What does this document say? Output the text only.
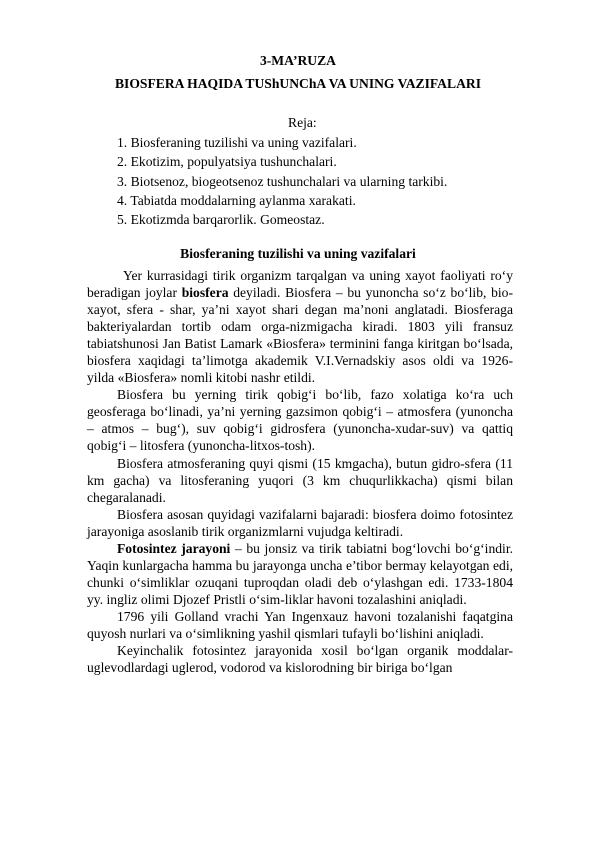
3-MA’RUZA
BIOSFERA HAQIDA TUShUNChA VA UNING VAZIFALARI
Reja:
1. Biosferaning tuzilishi va uning vazifalari.
2. Ekotizim, populyatsiya tushunchalari.
3. Biotsenoz, biogeotsenoz tushunchalari va ularning tarkibi.
4. Tabiatda moddalarning aylanma xarakati.
5. Ekotizmda barqarorlik. Gomeostaz.
Biosferaning tuzilishi va uning vazifalari

Yer kurrasidagi tirik organizm tarqalgan va uning xayot faoliyati ro‘y beradigan joylar biosfera deyiladi. Biosfera – bu yunoncha so‘z bo‘lib, bio-xayot, sfera - shar, ya’ni xayot shari degan ma’noni anglatadi. Biosferaga bakteriyalardan tortib odam orga-nizmigacha kiradi. 1803 yili fransuz tabiatshunosi Jan Batist Lamark «Biosfera» terminini fanga kiritgan bo‘lsada, biosfera xaqidagi ta’limotga akademik V.I.Vernadskiy asos oldi va 1926- yilda «Biosfera» nomli kitobi nashr etildi.

Biosfera bu yerning tirik qobig‘i bo‘lib, fazo xolatiga ko‘ra uch geosferaga bo‘linadi, ya’ni yerning gazsimon qobig‘i – atmosfera (yunoncha – atmos – bug‘), suv qobig‘i gidrosfera (yunoncha-xudar-suv) va qattiq qobig‘i – litosfera (yunoncha-litxos-tosh).

Biosfera atmosferaning quyi qismi (15 kmgacha), butun gidro-sfera (11 km gacha) va litosferaning yuqori (3 km chuqurlikkacha) qismi bilan chegaralanadi.

Biosfera asosan quyidagi vazifalarni bajaradi: biosfera doimo fotosintez jarayoniga asoslanib tirik organizmlarni vujudga keltiradi.

Fotosintez jarayoni – bu jonsiz va tirik tabiatni bog‘lovchi bo‘g‘indir. Yaqin kunlargacha hamma bu jarayonga uncha e’tibor bermay kelayotgan edi, chunki o‘simliklar ozuqani tuproqdan oladi deb o‘ylashgan edi. 1733-1804 yy. ingliz olimi Djozef Pristli o‘sim-liklar havoni tozalashini aniqladi.

1796 yili Golland vrachi Yan Ingenxauz havoni tozalanishi faqatgina quyosh nurlari va o‘simlikning yashil qismlari tufayli bo‘lishini aniqladi.

Keyinchalik fotosintez jarayonida xosil bo‘lgan organik moddalar-uglevodlardagi uglerod, vodorod va kislorodning bir biriga bo‘lgan
